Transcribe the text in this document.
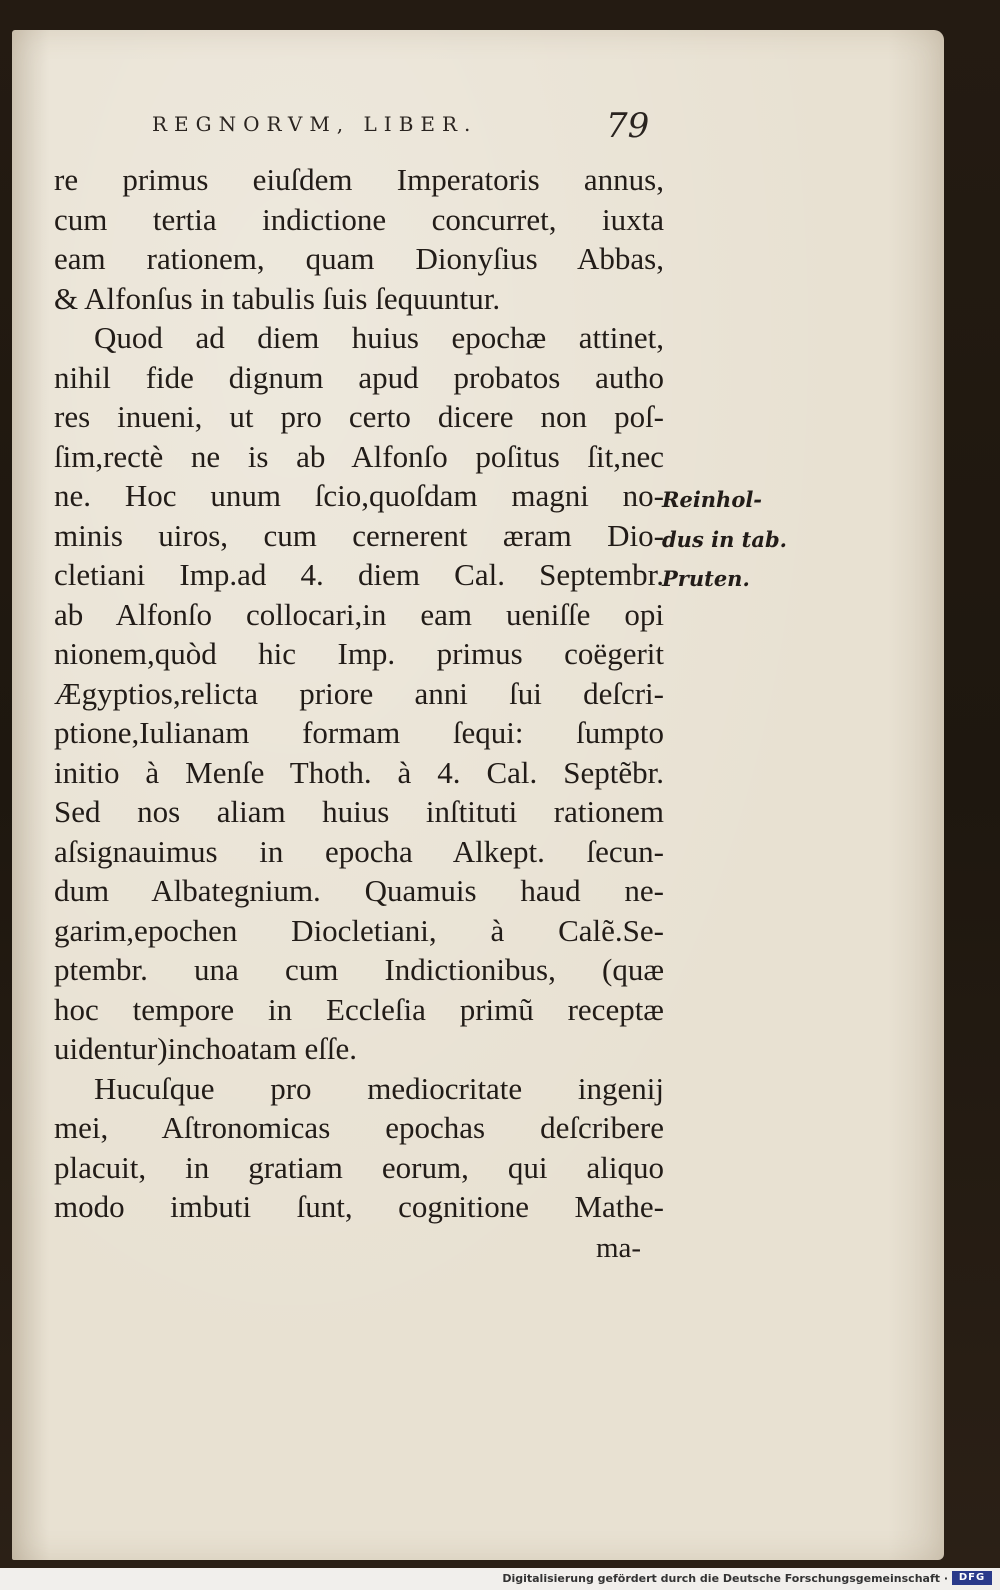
REGNORVM, LIBER.	79
re primus eiuſdem Imperatoris annus,
cum tertia indictione concurret, iuxta
eam rationem, quam Dionyſius Abbas,
& Alfonſus in tabulis ſuis ſequuntur.
Quod ad diem huius epochæ attinet,
nihil fide dignum apud probatos autho
res inueni, ut pro certo dicere non poſ-
ſim,rectè ne is ab Alfonſo poſitus ſit,nec
ne. Hoc unum ſcio,quoſdam magni no-
minis uiros, cum cernerent æram Dio-
cletiani Imp.ad 4. diem Cal. Septembr.
ab Alfonſo collocari,in eam ueniſſe opi
nionem,quòd hic Imp. primus coëgerit
Ægyptios,relicta priore anni ſui deſcri-
ptione,Iulianam formam ſequi: ſumpto
initio à Menſe Thoth. à 4. Cal. Septẽbr.
Sed nos aliam huius inſtituti rationem
aſsignauimus in epocha Alkept. ſecun-
dum Albategnium. Quamuis haud ne-
garim,epochen Diocletiani, à Calẽ.Se-
ptembr. una cum Indictionibus, (quæ
hoc tempore in Eccleſia primũ receptæ
uidentur)inchoatam eſſe.
Hucuſque pro mediocritate ingenij
mei, Aſtronomicas epochas deſcribere
placuit, in gratiam eorum, qui aliquo
modo imbuti ſunt, cognitione Mathe-
Reinhol-
dus in tab.
Pruten.
ma-
Digitalisierung gefördert durch die Deutsche Forschungsgemeinschaft ·	DFG
